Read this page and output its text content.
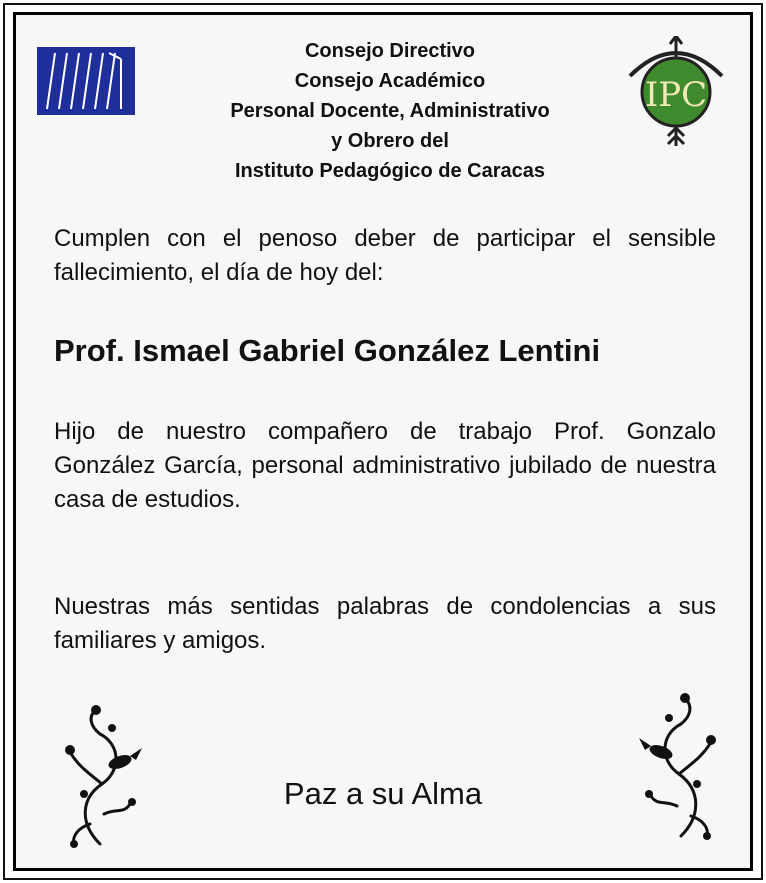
IPC
Consejo Directivo
Consejo Académico
Personal Docente, Administrativo
y Obrero del
Instituto Pedagógico de Caracas
Cumplen con el penoso deber de participar el sensible fallecimiento, el día de hoy del:
Prof. Ismael Gabriel González Lentini
Hijo de nuestro compañero de trabajo Prof. Gonzalo González García, personal administrativo jubilado de nuestra casa de estudios.
Nuestras más sentidas palabras de condolencias a sus familiares y amigos.
Paz a su Alma
